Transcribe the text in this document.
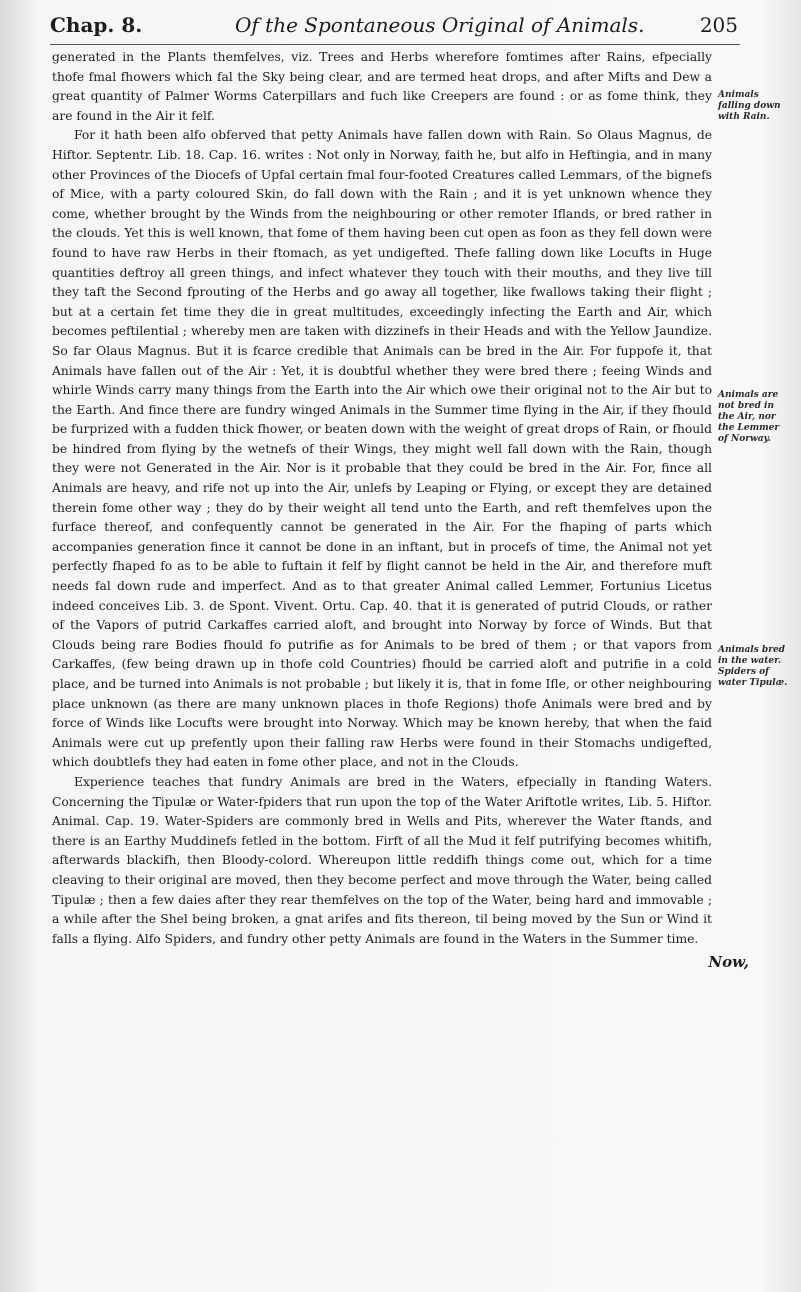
Chap. 8.	Of the Spontaneous Original of Animals.	205

generated in the Plants themfelves, viz. Trees and Herbs wherefore fomtimes after Rains, efpecially thofe fmal fhowers which fal the Sky being clear, and are termed heat drops, and after Mifts and Dew a great quantity of Palmer Worms Caterpillars and fuch like Creepers are found : or as fome think, they are found in the Air it felf.

For it hath been alfo obferved that petty Animals have fallen down with Rain. So Olaus Magnus, de Hiftor. Septentr. Lib. 18. Cap. 16. writes : Not only in Norway, faith he, but alfo in Heftingia, and in many other Provinces of the Diocefs of Upfal certain fmal four-footed Creatures called Lemmars, of the bignefs of Mice, with a party coloured Skin, do fall down with the Rain ; and it is yet unknown whence they come, whether brought by the Winds from the neighbouring or other remoter Iflands, or bred rather in the clouds. Yet this is well known, that fome of them having been cut open as foon as they fell down were found to have raw Herbs in their ftomach, as yet undigefted. Thefe falling down like Locufts in Huge quantities deftroy all green things, and infect whatever they touch with their mouths, and they live till they taft the Second fprouting of the Herbs and go away all together, like fwallows taking their flight ; but at a certain fet time they die in great multitudes, exceedingly infecting the Earth and Air, which becomes peftilential ; whereby men are taken with dizzinefs in their Heads and with the Yellow Jaundize. So far Olaus Magnus. But it is fcarce credible that Animals can be bred in the Air. For fuppofe it, that Animals have fallen out of the Air : Yet, it is doubtful whether they were bred there ; feeing Winds and whirle Winds carry many things from the Earth into the Air which owe their original not to the Air but to the Earth. And fince there are fundry winged Animals in the Summer time flying in the Air, if they fhould be furprized with a fudden thick fhower, or beaten down with the weight of great drops of Rain, or fhould be hindred from flying by the wetnefs of their Wings, they might well fall down with the Rain, though they were not Generated in the Air. Nor is it probable that they could be bred in the Air. For, fince all Animals are heavy, and rife not up into the Air, unlefs by Leaping or Flying, or except they are detained therein fome other way ; they do by their weight all tend unto the Earth, and reft themfelves upon the furface thereof, and confequently cannot be generated in the Air. For the fhaping of parts which accompanies generation fince it cannot be done in an inftant, but in procefs of time, the Animal not yet perfectly fhaped fo as to be able to fuftain it felf by flight cannot be held in the Air, and therefore muft needs fal down rude and imperfect. And as to that greater Animal called Lemmer, Fortunius Licetus indeed conceives Lib. 3. de Spont. Vivent. Ortu. Cap. 40. that it is generated of putrid Clouds, or rather of the Vapors of putrid Carkaffes carried aloft, and brought into Norway by force of Winds. But that Clouds being rare Bodies fhould fo putrifie as for Animals to be bred of them ; or that vapors from Carkaffes, (few being drawn up in thofe cold Countries) fhould be carried aloft and putrifie in a cold place, and be turned into Animals is not probable ; but likely it is, that in fome Ifle, or other neighbouring place unknown (as there are many unknown places in thofe Regions) thofe Animals were bred and by force of Winds like Locufts were brought into Norway. Which may be known hereby, that when the faid Animals were cut up prefently upon their falling raw Herbs were found in their Stomachs undigefted, which doubtlefs they had eaten in fome other place, and not in the Clouds.

Experience teaches that fundry Animals are bred in the Waters, efpecially in ftanding Waters. Concerning the Tipulæ or Water-fpiders that run upon the top of the Water Ariftotle writes, Lib. 5. Hiftor. Animal. Cap. 19. Water-Spiders are commonly bred in Wells and Pits, wherever the Water ftands, and there is an Earthy Muddinefs fetled in the bottom. Firft of all the Mud it felf putrifying becomes whitifh, afterwards blackifh, then Bloody-colord. Whereupon little reddifh things come out, which for a time cleaving to their original are moved, then they become perfect and move through the Water, being called Tipulæ ; then a few daies after they rear themfelves on the top of the Water, being hard and immovable ; a while after the Shel being broken, a gnat arifes and fits thereon, til being moved by the Sun or Wind it falls a flying. Alfo Spiders, and fundry other petty Animals are found in the Waters in the Summer time.

Animals falling down with Rain.
Animals are not bred in the Air, nor the Lemmer of Norway.
Animals bred in the water. Spiders of water Tipulæ.
Now,
